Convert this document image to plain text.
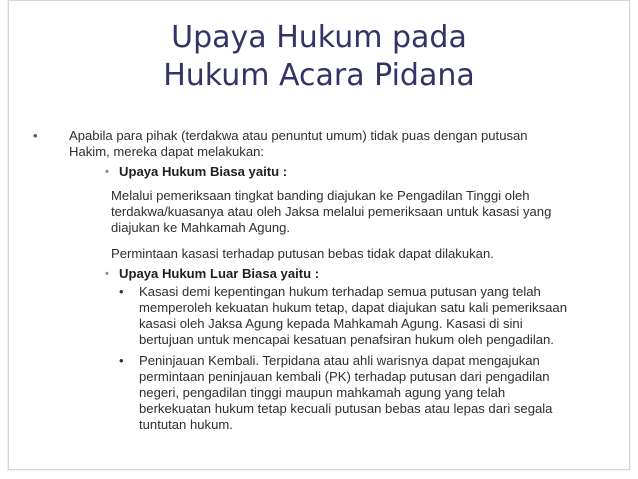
Upaya Hukum pada
Hukum Acara Pidana
• Apabila para pihak (terdakwa atau penuntut umum) tidak puas dengan putusan
Hakim, mereka dapat melakukan:
• Upaya Hukum Biasa yaitu :
Melalui pemeriksaan tingkat banding diajukan ke Pengadilan Tinggi oleh
terdakwa/kuasanya atau oleh Jaksa melalui pemeriksaan untuk kasasi yang
diajukan ke Mahkamah Agung.
Permintaan kasasi terhadap putusan bebas tidak dapat dilakukan.
• Upaya Hukum Luar Biasa yaitu :
• Kasasi demi kepentingan hukum terhadap semua putusan yang telah
memperoleh kekuatan hukum tetap, dapat diajukan satu kali pemeriksaan
kasasi oleh Jaksa Agung kepada Mahkamah Agung. Kasasi di sini
bertujuan untuk mencapai kesatuan penafsiran hukum oleh pengadilan.
• Peninjauan Kembali. Terpidana atau ahli warisnya dapat mengajukan
permintaan peninjauan kembali (PK) terhadap putusan dari pengadilan
negeri, pengadilan tinggi maupun mahkamah agung yang telah
berkekuatan hukum tetap kecuali putusan bebas atau lepas dari segala
tuntutan hukum.
